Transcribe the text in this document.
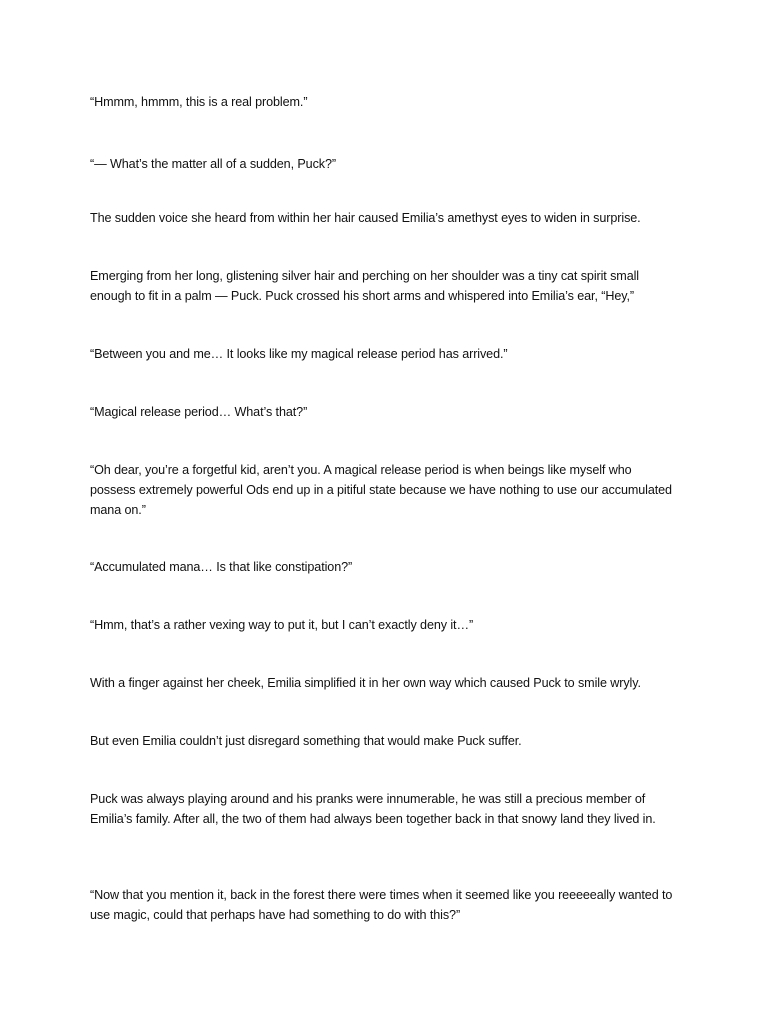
“Hmmm, hmmm, this is a real problem.”

“— What’s the matter all of a sudden, Puck?”

The sudden voice she heard from within her hair caused Emilia’s amethyst eyes to widen in surprise.

Emerging from her long, glistening silver hair and perching on her shoulder was a tiny cat spirit small enough to fit in a palm — Puck. Puck crossed his short arms and whispered into Emilia’s ear, “Hey,”

“Between you and me… It looks like my magical release period has arrived.”

“Magical release period… What’s that?”

“Oh dear, you’re a forgetful kid, aren’t you. A magical release period is when beings like myself who possess extremely powerful Ods end up in a pitiful state because we have nothing to use our accumulated mana on.”

“Accumulated mana… Is that like constipation?”

“Hmm, that’s a rather vexing way to put it, but I can’t exactly deny it…”

With a finger against her cheek, Emilia simplified it in her own way which caused Puck to smile wryly.

But even Emilia couldn’t just disregard something that would make Puck suffer.

Puck was always playing around and his pranks were innumerable, he was still a precious member of Emilia’s family. After all, the two of them had always been together back in that snowy land they lived in.

“Now that you mention it, back in the forest there were times when it seemed like you reeeeeally wanted to use magic, could that perhaps have had something to do with this?”
